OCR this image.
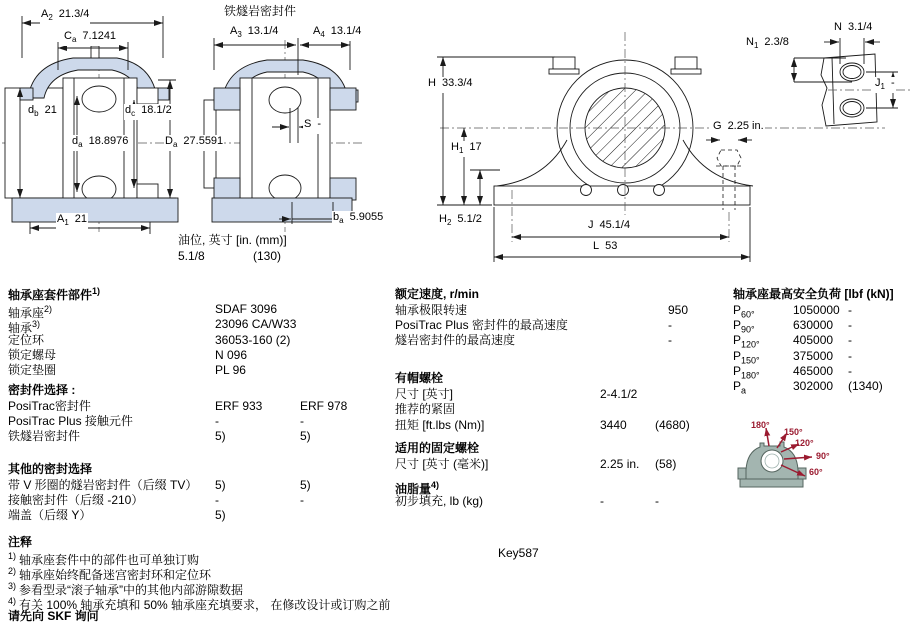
$A_2$ 21.3/4
$C_a$ 7.1241
$d_b$ 21	$d_c$ 18.1/2
$d_a$ 18.8976	$D_a$ 27.5591
$A_1$ 21
铁燧岩密封件
$A_3$ 13.1/4	$A_4$ 13.1/4
S -
$b_a$ 5.9055
油位, 英寸 [in. (mm)]
5.1/8	(130)
H 33.3/4
$H_1$ 17
$H_2$ 5.1/2
G 2.25 in.
J 45.1/4
L 53
N 3.1/4
$N_1$ 2.3/8
$J_1$ -
180°
150°
120°
90°
60°
轴承座套件部件$^{1)}$
轴承座$^{2)}$	SDAF 3096
轴承$^{3)}$	23096 CA/W33
定位环	36053-160 (2)
锁定螺母	N 096
锁定垫圈	PL 96
密封件选择 :
PosiTrac密封件	ERF 933	ERF 978
PosiTrac Plus 接触元件	-	-
铁燧岩密封件	5)	5)
其他的密封选择
带 V 形圈的燧岩密封件（后缀 TV） 5)	5)
接触密封件（后缀 -210）	-	-
端盖（后缀 Y）	5)
额定速度, r/min
轴承极限转速	950
PosiTrac Plus 密封件的最高速度	-
燧岩密封件的最高速度	-
有帽螺栓
尺寸 [英寸]	2-4.1/2
推荐的紧固
扭矩 [ft.lbs (Nm)]	3440 (4680)
适用的固定螺栓
尺寸 [英寸 (毫米)]	2.25 in. (58)
油脂量$^{4)}$
初步填充, lb (kg)	-	-
Key587
轴承座最高安全负荷 [lbf (kN)]
$P_{60^\circ}$	1050000 -
$P_{90^\circ}$	630000 -
$P_{120^\circ}$	405000 -
$P_{150^\circ}$	375000 -
$P_{180^\circ}$	465000 -
$P_a$	302000 (1340)
注释
$^{1)}$ 轴承座套件中的部件也可单独订购
$^{2)}$ 轴承座始终配备迷宫密封环和定位环
$^{3)}$ 参看型录“滚子轴承”中的其他内部游隙数据
$^{4)}$ 有关 100% 轴承充填和 50% 轴承座充填要求， 在修改设计或订购之前
请先向 SKF 询问
